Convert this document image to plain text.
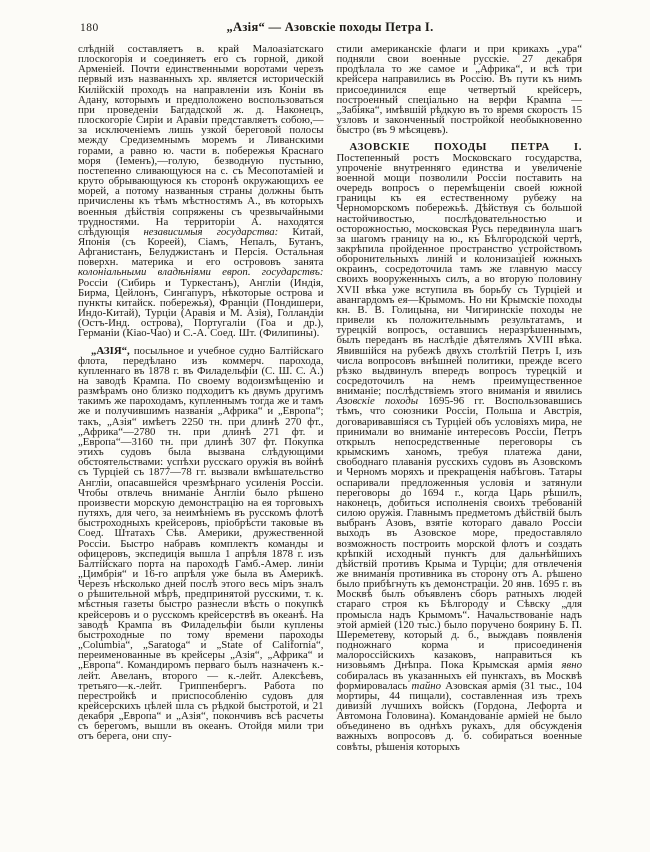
180	„Азія“ — Азовскіе походы Петра I.

слѣдній составляетъ в. край Малоазіатскаго плоскогорія и соединяетъ его съ горной, дикой Арменіей. Почти единственными воротами черезъ первый изъ названныхъ хр. является историческій Килійскій проходъ на направленіи изъ Коніи въ Адану, которымъ и предположено воспользоваться при проведеніи Багдадской ж. д. Наконецъ, плоскогоріе Сиріи и Аравіи представляетъ собою,—за исключеніемъ лишь узкой береговой полосы между Средиземнымъ моремъ и Ливанскими горами, а равно ю. части в. побережья Краснаго моря (Іеменъ),—голую, безводную пустыню, постепенно сливающуюся на с. съ Месопотаміей и круто обрывающуюся къ сторонѣ окружающихъ ее морей, а потому названныя страны должны быть причислены къ тѣмъ мѣстностямъ А., въ которыхъ военныя дѣйствія сопряжены съ чрезвычайными трудностями. На территоріи А. находятся слѣдующія независимыя государства: Китай, Японія (съ Кореей), Сіамъ, Непалъ, Бутанъ, Афганистанъ, Белуджистанъ и Персія. Остальная поверхн. материка и его острововъ занята колоніальными владѣніями европ. государствъ: Россіи (Сибирь и Туркестанъ), Англіи (Индія, Бирма, Цейлонъ, Сингапуръ, нѣкоторые острова и пункты китайск. побережья), Франціи (Пондишери, Индо-Китай), Турціи (Аравія и М. Азія), Голландіи (Остъ-Инд. острова), Португаліи (Гоа и др.), Германіи (Кіао-Чао) и С.-А. Соед. Шт. (Филипины).

„АЗІЯ“, посыльное и учебное судно Балтійскаго флота, передѣлано изъ коммерч. парохода, купленнаго въ 1878 г. въ Филадельфіи (С. Ш. С. А.) на заводѣ Крампа. По своему водоизмѣщенію и размѣрамъ оно близко подходитъ къ двумъ другимъ такимъ же пароходамъ, купленнымъ тогда же и тамъ же и получившимъ названія „Африка“ и „Европа“; такъ, „Азія“ имѣетъ 2250 тн. при длинѣ 270 фт., „Африка“—2780 тн. при длинѣ 271 фт. и „Европа“—3160 тн. при длинѣ 307 фт. Покупка этихъ судовъ была вызвана слѣдующими обстоятельствами: успѣхи русскаго оружія въ войнѣ съ Турціей съ 1877—78 гг. вызвали вмѣшательство Англіи, опасавшейся чрезмѣрнаго усиленія Россіи. Чтобы отвлечь вниманіе Англіи было рѣшено произвести морскую демонстрацію на ея торговыхъ путяхъ, для чего, за неимѣніемъ въ русскомъ флотѣ быстроходныхъ крейсеровъ, пріобрѣсти таковые въ Соед. Штатахъ Сѣв. Америки, дружественной Россіи. Быстро набравъ комплектъ команды и офицеровъ, экспедиція вышла 1 апрѣля 1878 г. изъ Балтійскаго порта на пароходѣ Гамб.-Амер. линіи „Цимбрія“ и 16-го апрѣля уже была въ Америкѣ. Черезъ нѣсколько дней послѣ этого весь міръ зналъ о рѣшительной мѣрѣ, предпринятой русскими, т. к. мѣстныя газеты быстро разнесли вѣсть о покупкѣ крейсеровъ и о русскомъ крейсерствѣ въ океанѣ. На заводѣ Крампа въ Филадельфіи были куплены быстроходные по тому времени пароходы „Columbia“, „Saratoga“ и „State of California“, переименованные въ крейсеры „Азія“, „Африка“ и „Европа“. Командиромъ перваго былъ назначенъ к.-лейт. Авеланъ, второго — к.-лейт. Алексѣевъ, третьяго—к.-лейт. Гриппенбергъ. Работа по перестройкѣ и приспособленію судовъ для крейсерскихъ цѣлей шла съ рѣдкой быстротой, и 21 декабря „Европа“ и „Азія“, покончивъ всѣ расчеты съ берегомъ, вышли въ океанъ. Отойдя мили три отъ берега, они спу-

стили американскіе флаги и при крикахъ „ура“ подняли свои военные русскіе. 27 декабря продѣлала то же самое и „Африка“, и всѣ три крейсера направились въ Россію. Въ пути къ нимъ присоединился еще четвертый крейсеръ, построенный спеціально на верфи Крампа — „Забіяка“, имѣвшій рѣдкую въ то время скорость 15 узловъ и законченный постройкой необыкновенно быстро (въ 9 мѣсяцевъ).

АЗОВСКІЕ ПОХОДЫ ПЕТРА I. Постепенный ростъ Московскаго государства, упроченіе внутренняго единства и увеличеніе военной мощи позволили Россіи поставить на очередь вопросъ о перемѣщеніи своей южной границы къ ея естественному рубежу на Черноморскомъ побережьѣ. Дѣйствуя съ большой настойчивостью, послѣдовательностью и осторожностью, московская Русь передвинула шагъ за шагомъ границу на ю., къ Бѣлгородской чертѣ, закрѣпила пройденное пространство устройствомъ оборонительныхъ линій и колонизаціей южныхъ окраинъ, сосредоточила тамъ же главную массу своихъ вооруженныхъ силъ, а во вторую половину XVII вѣка уже вступила въ борьбу съ Турціей и авангардомъ ея—Крымомъ. Но ни Крымскіе походы кн. В. В. Голицына, ни Чигиринскіе походы не привели къ положительнымъ результатамъ, и турецкій вопросъ, оставшись неразрѣшеннымъ, былъ переданъ въ наслѣдіе дѣятелямъ XVIII вѣка. Явившійся на рубежѣ двухъ столѣтій Петръ I, изъ числа вопросовъ внѣшней политики, прежде всего рѣзко выдвинулъ впередъ вопросъ турецкій и сосредоточилъ на немъ преимущественное вниманіе; послѣдствіемъ этого вниманія и явились Азовскіе походы 1695-96 гг. Воспользовавшись тѣмъ, что союзники Россіи, Польша и Австрія, договаривавшіяся съ Турціей объ условіяхъ мира, не принимали во вниманіе интересовъ Россіи, Петръ открылъ непосредственные переговоры съ крымскимъ ханомъ, требуя платежа дани, свободнаго плаванія русскихъ судовъ въ Азовскомъ и Черномъ моряхъ и прекращенія набѣговъ. Татары оспаривали предложенныя условія и затянули переговоры до 1694 г., когда Царь рѣшилъ, наконецъ, добиться исполненія своихъ требованій силою оружія. Главнымъ предметомъ дѣйствій былъ выбранъ Азовъ, взятіе котораго давало Россіи выходъ въ Азовское море, предоставляло возможность построить морской флотъ и создать крѣпкій исходный пунктъ для дальнѣйшихъ дѣйствій противъ Крыма и Турціи; для отвлеченія же вниманія противника въ сторону отъ А. рѣшено было прибѣгнуть къ демонстраціи. 20 янв. 1695 г. въ Москвѣ былъ объявленъ сборъ ратныхъ людей стараго строя къ Бѣлгороду и Сѣвску „для промысла надъ Крымомъ“. Начальствованіе надъ этой арміей (120 тыс.) было поручено боярину Б. П. Шереметеву, который д. б., выждавъ появленія подножнаго корма и присоединенія малороссійскихъ казаковъ, направиться къ низовьямъ Днѣпра. Пока Крымская армія явно собиралась въ указанныхъ ей пунктахъ, въ Москвѣ формировалась тайно Азовская армія (31 тыс., 104 мортиры, 44 пищали), составленная изъ трехъ дивизій лучшихъ войскъ (Гордона, Лефорта и Автомона Головина). Командованіе арміей не было объединено въ однѣхъ рукахъ, для обсужденія важныхъ вопросовъ д. б. собираться военные совѣты, рѣшенія которыхъ
